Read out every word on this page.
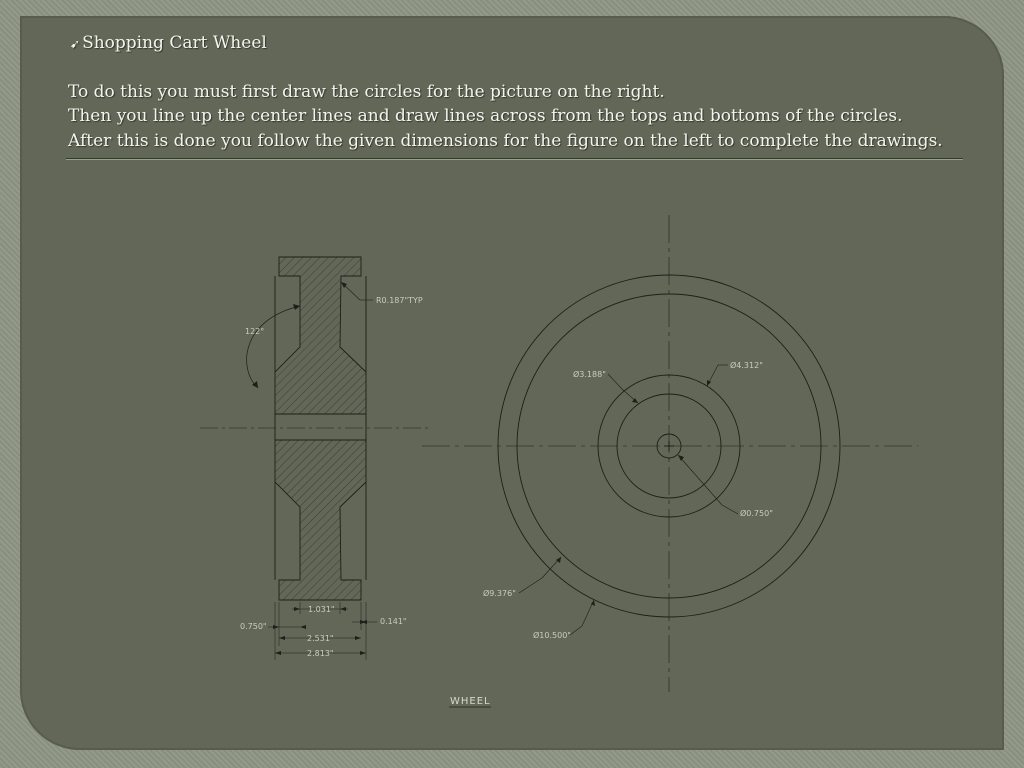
➹ Shopping Cart Wheel

To do this you must first draw the circles for the picture on the right.

Then you line up the center lines and draw lines across from the tops and bottoms of the circles.

After this is done you follow the given dimensions for the figure on the left to complete the drawings.

R0.187"TYP
122°
1.031"
0.750"
0.141"
2.531"
2.813"
Ø3.188"
Ø4.312"
Ø0.750"
Ø9.376"
Ø10.500"
WHEEL
